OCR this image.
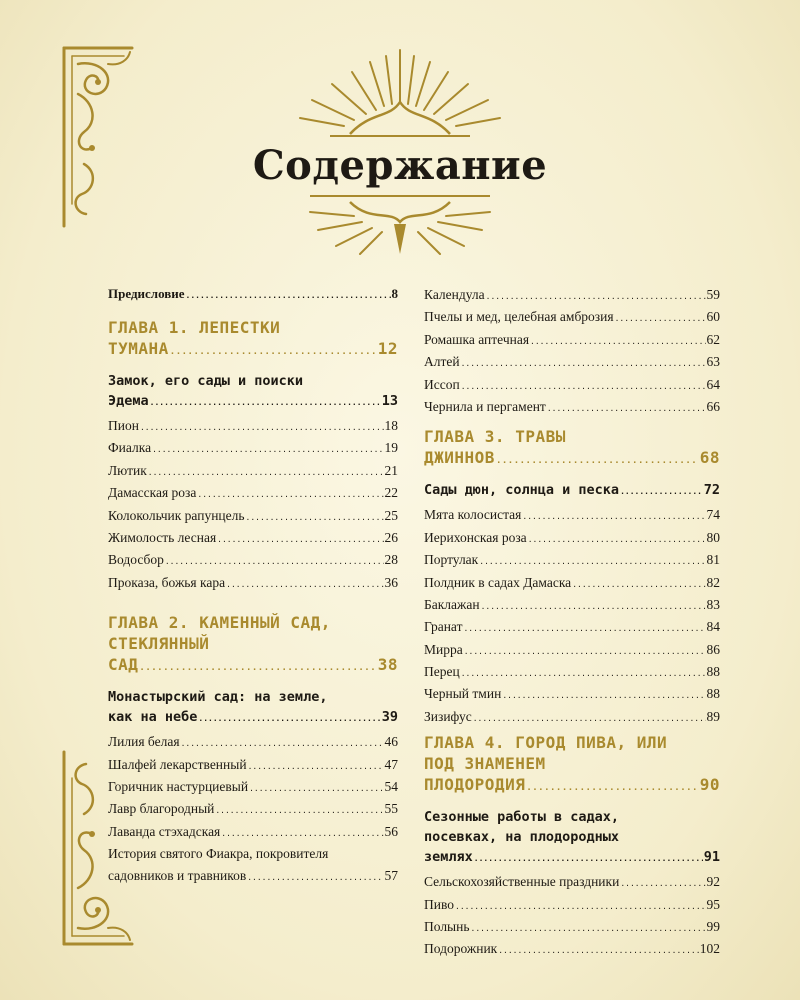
Содержание
Предисловие .....	8
ГЛАВА 1. ЛЕПЕСТКИ
ТУМАНА .....	12
Замок, его сады и поиски
Эдема .....	13
Пион .....	18
Фиалка .....	19
Лютик .....	21
Дамасская роза .....	22
Колокольчик рапунцель .....	25
Жимолость лесная .....	26
Водосбор .....	28
Проказа, божья кара .....	36
ГЛАВА 2. КАМЕННЫЙ САД,
СТЕКЛЯННЫЙ
САД .....	38
Монастырский сад: на земле,
как на небе .....	39
Лилия белая .....	46
Шалфей лекарственный .....	47
Горичник настурциевый .....	54
Лавр благородный .....	55
Лаванда стэхадская .....	56
История святого Фиакра, покровителя
садовников и травников .....	57
Календула .....	59
Пчелы и мед, целебная амброзия .....	60
Ромашка аптечная .....	62
Алтей .....	63
Иссоп .....	64
Чернила и пергамент .....	66
ГЛАВА 3. ТРАВЫ
ДЖИННОВ .....	68
Сады дюн, солнца и песка .....	72
Мята колосистая .....	74
Иерихонская роза .....	80
Портулак .....	81
Полдник в садах Дамаска .....	82
Баклажан .....	83
Гранат .....	84
Мирра .....	86
Перец .....	88
Черный тмин .....	88
Зизифус .....	89
ГЛАВА 4. ГОРОД ПИВА, ИЛИ
ПОД ЗНАМЕНЕМ
ПЛОДОРОДИЯ .....	90
Сезонные работы в садах,
посевках, на плодородных
землях .....	91
Сельскохозяйственные праздники .....	92
Пиво .....	95
Полынь .....	99
Подорожник .....	102
